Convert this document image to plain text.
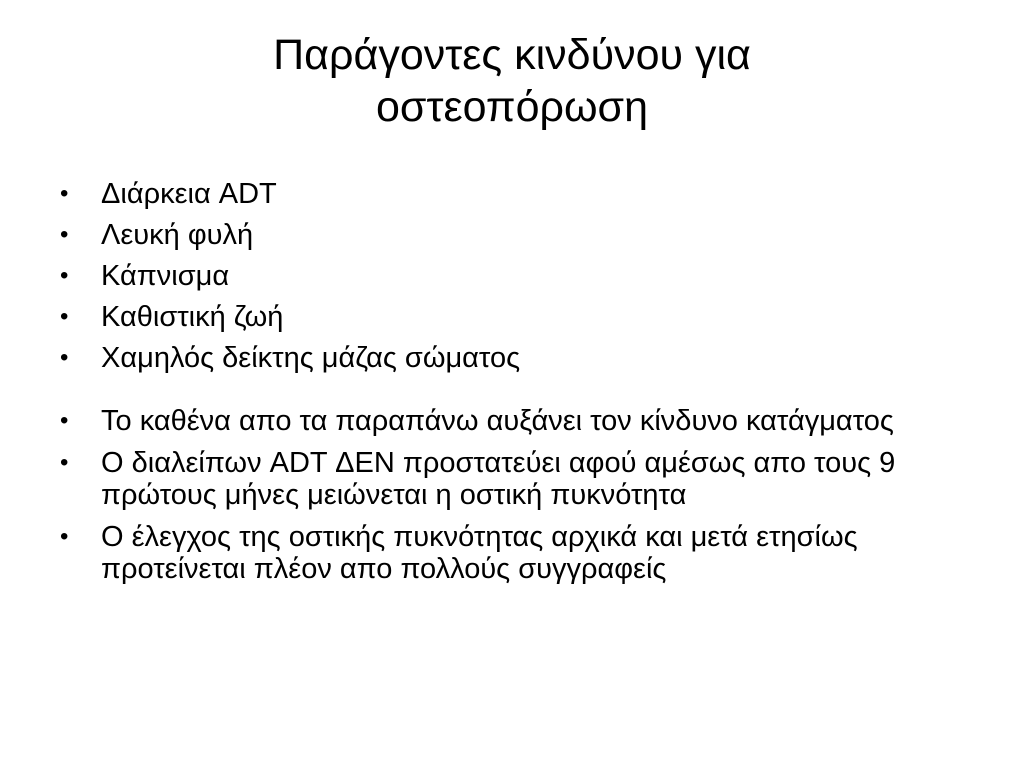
Παράγοντες κινδύνου για
οστεοπόρωση
• Διάρκεια ADT
• Λευκή φυλή
• Κάπνισμα
• Καθιστική ζωή
• Χαμηλός δείκτης μάζας σώματος
• Το καθένα απο τα παραπάνω αυξάνει τον κίνδυνο κατάγματος
• Ο διαλείπων ADT ΔΕΝ προστατεύει αφού αμέσως απο τους 9 πρώτους μήνες μειώνεται η οστική πυκνότητα
• Ο έλεγχος της οστικής πυκνότητας αρχικά και μετά ετησίως προτείνεται πλέον απο πολλούς συγγραφείς
